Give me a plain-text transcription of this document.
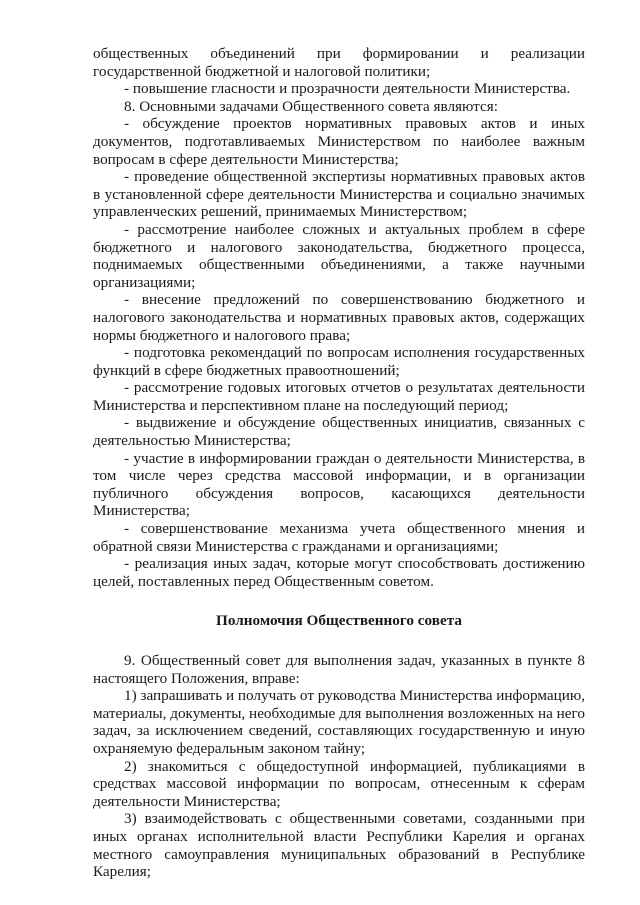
общественных объединений при формировании и реализации государственной бюджетной и налоговой политики;

- повышение гласности и прозрачности деятельности Министерства.

8. Основными задачами Общественного совета являются:

- обсуждение проектов нормативных правовых актов и иных документов, подготавливаемых Министерством по наиболее важным вопросам в сфере деятельности Министерства;

- проведение общественной экспертизы нормативных правовых актов в установленной сфере деятельности Министерства и социально значимых управленческих решений, принимаемых Министерством;

- рассмотрение наиболее сложных и актуальных проблем в сфере бюджетного и налогового законодательства, бюджетного процесса, поднимаемых общественными объединениями, а также научными организациями;

- внесение предложений по совершенствованию бюджетного и налогового законодательства и нормативных правовых актов, содержащих нормы бюджетного и налогового права;

- подготовка рекомендаций по вопросам исполнения государственных функций в сфере бюджетных правоотношений;

- рассмотрение годовых итоговых отчетов о результатах деятельности Министерства и перспективном плане на последующий период;

- выдвижение и обсуждение общественных инициатив, связанных с деятельностью Министерства;

- участие в информировании граждан о деятельности Министерства, в том числе через средства массовой информации, и в организации публичного обсуждения вопросов, касающихся деятельности Министерства;

- совершенствование механизма учета общественного мнения и обратной связи Министерства с гражданами и организациями;

- реализация иных задач, которые могут способствовать достижению целей, поставленных перед Общественным советом.

Полномочия Общественного совета

9. Общественный совет для выполнения задач, указанных в пункте 8 настоящего Положения, вправе:

1) запрашивать и получать от руководства Министерства информацию, материалы, документы, необходимые для выполнения возложенных на него задач, за исключением сведений, составляющих государственную и иную охраняемую федеральным законом тайну;

2) знакомиться с общедоступной информацией, публикациями в средствах массовой информации по вопросам, отнесенным к сферам деятельности Министерства;

3) взаимодействовать с общественными советами, созданными при иных органах исполнительной власти Республики Карелия и органах местного самоуправления муниципальных образований в Республике Карелия;
